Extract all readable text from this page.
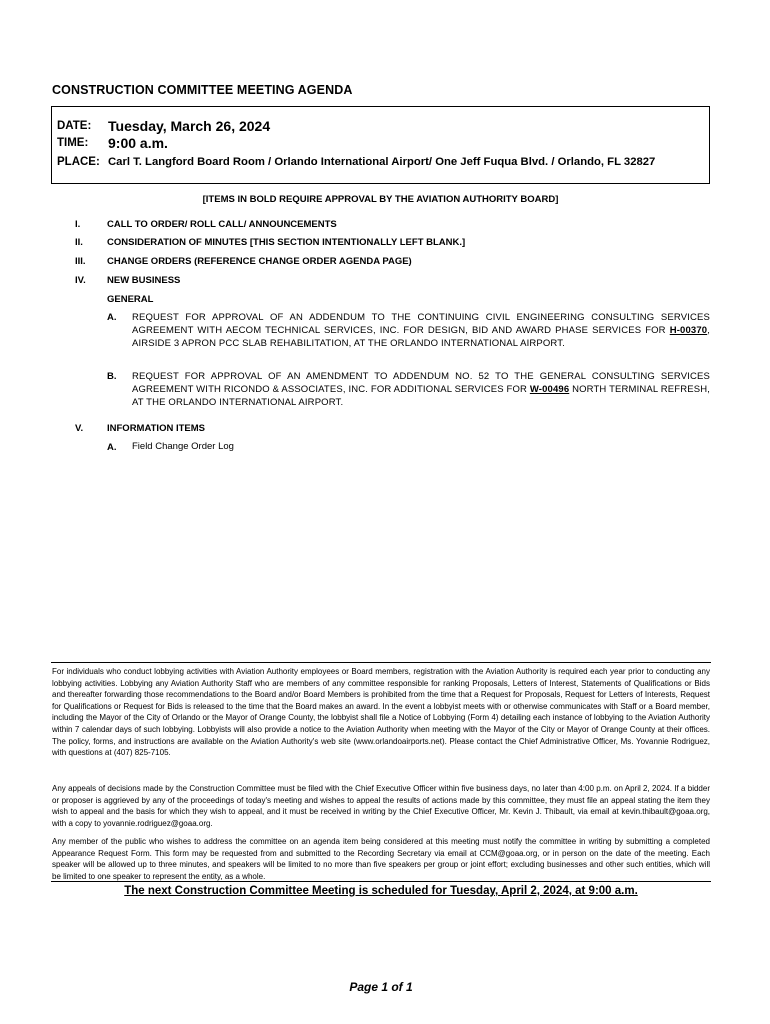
CONSTRUCTION COMMITTEE MEETING AGENDA
DATE: Tuesday, March 26, 2024
TIME: 9:00 a.m.
PLACE: Carl T. Langford Board Room / Orlando International Airport/ One Jeff Fuqua Blvd. / Orlando, FL 32827
[ITEMS IN BOLD REQUIRE APPROVAL BY THE AVIATION AUTHORITY BOARD]
I.	CALL TO ORDER/ ROLL CALL/ ANNOUNCEMENTS
II.	CONSIDERATION OF MINUTES [THIS SECTION INTENTIONALLY LEFT BLANK.]
III. CHANGE ORDERS (REFERENCE CHANGE ORDER AGENDA PAGE)
IV. NEW BUSINESS
GENERAL
A. REQUEST FOR APPROVAL OF AN ADDENDUM TO THE CONTINUING CIVIL ENGINEERING CONSULTING SERVICES AGREEMENT WITH AECOM TECHNICAL SERVICES, INC. FOR DESIGN, BID AND AWARD PHASE SERVICES FOR H-00370, AIRSIDE 3 APRON PCC SLAB REHABILITATION, AT THE ORLANDO INTERNATIONAL AIRPORT.
B. REQUEST FOR APPROVAL OF AN AMENDMENT TO ADDENDUM NO. 52 TO THE GENERAL CONSULTING SERVICES AGREEMENT WITH RICONDO & ASSOCIATES, INC. FOR ADDITIONAL SERVICES FOR W-00496 NORTH TERMINAL REFRESH, AT THE ORLANDO INTERNATIONAL AIRPORT.
V.	INFORMATION ITEMS
A. Field Change Order Log
For individuals who conduct lobbying activities with Aviation Authority employees or Board members, registration with the Aviation Authority is required each year prior to conducting any lobbying activities. Lobbying any Aviation Authority Staff who are members of any committee responsible for ranking Proposals, Letters of Interest, Statements of Qualifications or Bids and thereafter forwarding those recommendations to the Board and/or Board Members is prohibited from the time that a Request for Proposals, Request for Letters of Interests, Request for Qualifications or Request for Bids is released to the time that the Board makes an award. In the event a lobbyist meets with or otherwise communicates with Staff or a Board member, including the Mayor of the City of Orlando or the Mayor of Orange County, the lobbyist shall file a Notice of Lobbying (Form 4) detailing each instance of lobbying to the Aviation Authority within 7 calendar days of such lobbying. Lobbyists will also provide a notice to the Aviation Authority when meeting with the Mayor of the City or Mayor of Orange County at their offices. The policy, forms, and instructions are available on the Aviation Authority's web site (www.orlandoairports.net). Please contact the Chief Administrative Officer, Ms. Yovannie Rodriguez, with questions at (407) 825-7105.
Any appeals of decisions made by the Construction Committee must be filed with the Chief Executive Officer within five business days, no later than 4:00 p.m. on April 2, 2024. If a bidder or proposer is aggrieved by any of the proceedings of today's meeting and wishes to appeal the results of actions made by this committee, they must file an appeal stating the item they wish to appeal and the basis for which they wish to appeal, and it must be received in writing by the Chief Executive Officer, Mr. Kevin J. Thibault, via email at kevin.thibault@goaa.org, with a copy to yovannie.rodriguez@goaa.org.
Any member of the public who wishes to address the committee on an agenda item being considered at this meeting must notify the committee in writing by submitting a completed Appearance Request Form. This form may be requested from and submitted to the Recording Secretary via email at CCM@goaa.org, or in person on the date of the meeting. Each speaker will be allowed up to three minutes, and speakers will be limited to no more than five speakers per group or joint effort; excluding businesses and other such entities, which will be limited to one speaker to represent the entity, as a whole.
The next Construction Committee Meeting is scheduled for Tuesday, April 2, 2024, at 9:00 a.m.
Page 1 of 1
